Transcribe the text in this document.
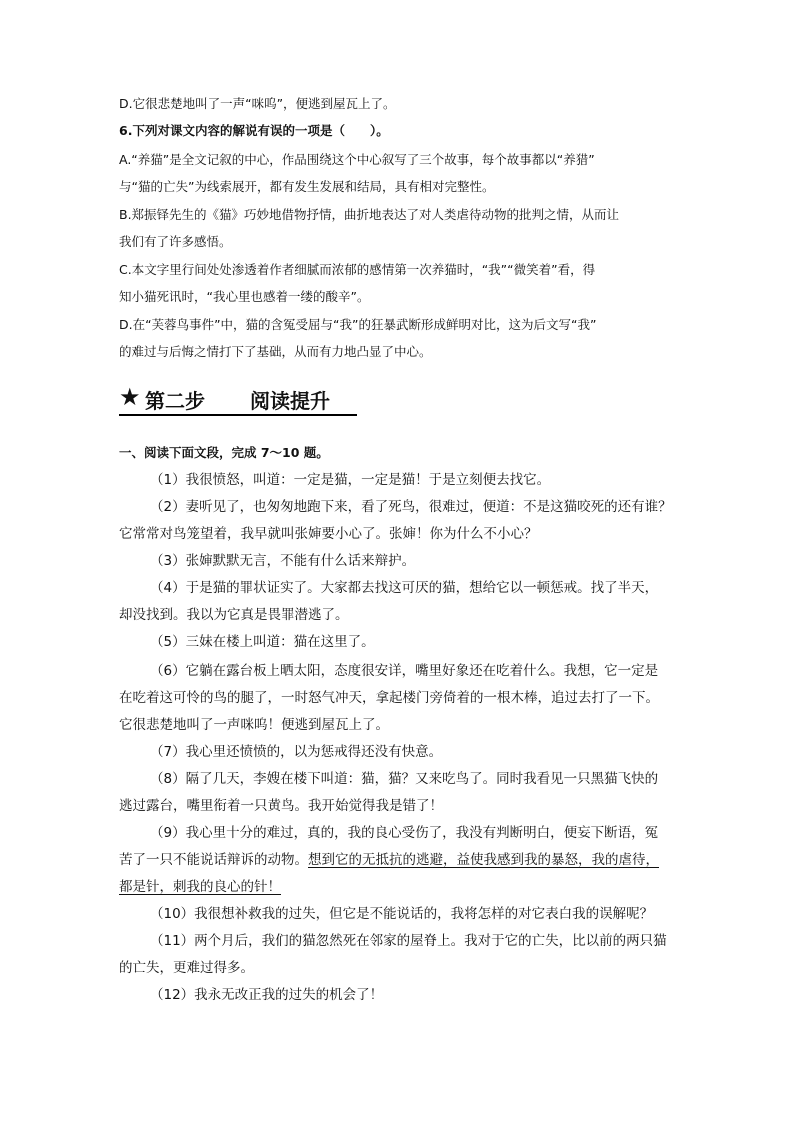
D.它很悲楚地叫了一声“咪呜”，便逃到屋瓦上了。
6.下列对课文内容的解说有误的一项是（　　）。
A.“养猫”是全文记叙的中心，作品围绕这个中心叙写了三个故事，每个故事都以“养猎”
与“猫的亡失”为线索展开，都有发生发展和结局，具有相对完整性。
B.郑振铎先生的《猫》巧妙地借物抒情，曲折地表达了对人类虐待动物的批判之情，从而让
我们有了许多感悟。
C.本文字里行间处处渗透着作者细腻而浓郁的感情第一次养猫时，“我”“微笑着”看，得
知小猫死讯时，“我心里也感着一缕的酸辛”。
D.在“芙蓉鸟事件”中，猫的含冤受屈与“我”的狂暴武断形成鲜明对比，这为后文写“我”
的难过与后悔之情打下了基础，从而有力地凸显了中心。
★ 第二步 阅读提升
一、阅读下面文段，完成 7～10 题。
（1）我很愤怒，叫道：一定是猫，一定是猫！于是立刻便去找它。
（2）妻听见了，也匆匆地跑下来，看了死鸟，很难过，便道：不是这猫咬死的还有谁？
它常常对鸟笼望着，我早就叫张婶要小心了。张婶！你为什么不小心？
（3）张婶默默无言，不能有什么话来辩护。
（4）于是猫的罪状证实了。大家都去找这可厌的猫，想给它以一顿惩戒。找了半天，
却没找到。我以为它真是畏罪潜逃了。
（5）三妹在楼上叫道：猫在这里了。
（6）它躺在露台板上晒太阳，态度很安详，嘴里好象还在吃着什么。我想，它一定是
在吃着这可怜的鸟的腿了，一时怒气冲天，拿起楼门旁倚着的一根木棒，追过去打了一下。
它很悲楚地叫了一声咪呜！便逃到屋瓦上了。
（7）我心里还愤愤的，以为惩戒得还没有快意。
（8）隔了几天，李嫂在楼下叫道：猫，猫？又来吃鸟了。同时我看见一只黑猫飞快的
逃过露台，嘴里衔着一只黄鸟。我开始觉得我是错了！
（9）我心里十分的难过，真的，我的良心受伤了，我没有判断明白，便妄下断语，冤
苦了一只不能说话辩诉的动物。想到它的无抵抗的逃避，益使我感到我的暴怒，我的虐待，
都是针，刺我的良心的针！
（10）我很想补救我的过失，但它是不能说话的，我将怎样的对它表白我的误解呢？
（11）两个月后，我们的猫忽然死在邻家的屋脊上。我对于它的亡失，比以前的两只猫
的亡失，更难过得多。
（12）我永无改正我的过失的机会了！
